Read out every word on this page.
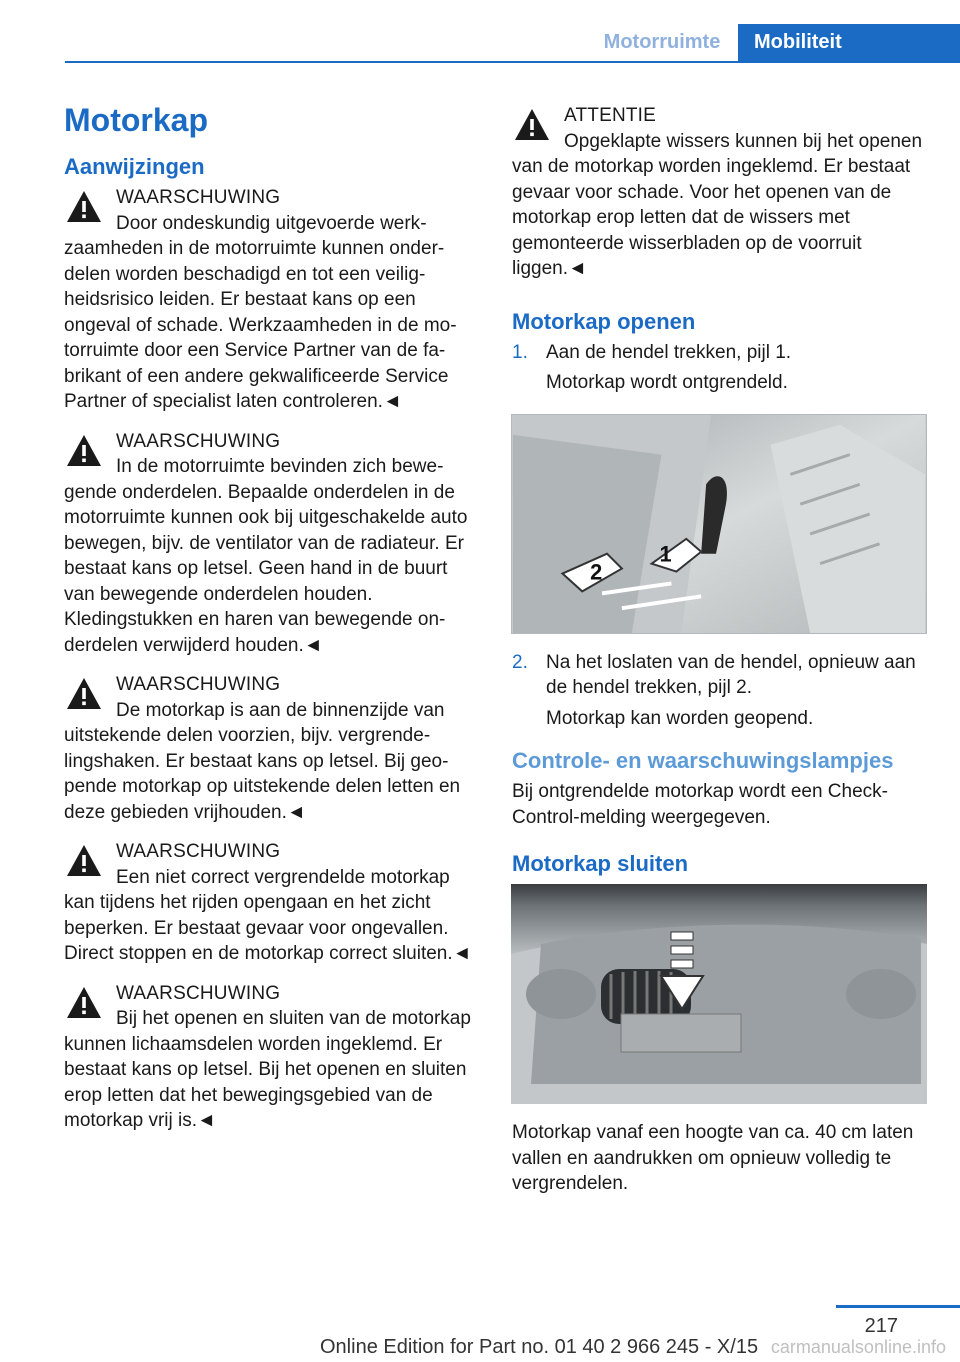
Motorruimte	Mobiliteit
Motorkap
Aanwijzingen
WAARSCHUWING

Door ondeskundig uitgevoerde werkzaamheden in de motorruimte kunnen onderdelen worden beschadigd en tot een veiligheidsrisico leiden. Er bestaat kans op een ongeval of schade. Werkzaamheden in de motorruimte door een Service Partner van de fabrikant of een andere gekwalificeerde Service Partner of specialist laten controleren.◄

WAARSCHUWING

In de motorruimte bevinden zich bewegende onderdelen. Bepaalde onderdelen in de motorruimte kunnen ook bij uitgeschakelde auto bewegen, bijv. de ventilator van de radiateur. Er bestaat kans op letsel. Geen hand in de buurt van bewegende onderdelen houden. Kledingstukken en haren van bewegende onderdelen verwijderd houden.◄

WAARSCHUWING

De motorkap is aan de binnenzijde van uitstekende delen voorzien, bijv. vergrendelingshaken. Er bestaat kans op letsel. Bij geopende motorkap op uitstekende delen letten en deze gebieden vrijhouden.◄

WAARSCHUWING

Een niet correct vergrendelde motorkap kan tijdens het rijden opengaan en het zicht beperken. Er bestaat gevaar voor ongevallen. Direct stoppen en de motorkap correct sluiten.◄

WAARSCHUWING

Bij het openen en sluiten van de motorkap kunnen lichaamsdelen worden ingeklemd. Er bestaat kans op letsel. Bij het openen en sluiten erop letten dat het bewegingsgebied van de motorkap vrij is.◄

ATTENTIE

Opgeklapte wissers kunnen bij het openen van de motorkap worden ingeklemd. Er bestaat gevaar voor schade. Voor het openen van de motorkap erop letten dat de wissers met gemonteerde wisserbladen op de voorruit liggen.◄

Motorkap openen
1. Aan de hendel trekken, pijl 1.
Motorkap wordt ontgrendeld.
1
2
2. Na het loslaten van de hendel, opnieuw aan de hendel trekken, pijl 2.
Motorkap kan worden geopend.
Controle- en waarschuwingslampjes

Bij ontgrendelde motorkap wordt een Check-Control-melding weergegeven.

Motorkap sluiten

Motorkap vanaf een hoogte van ca. 40 cm laten vallen en aandrukken om opnieuw volledig te vergrendelen.

217
Online Edition for Part no. 01 40 2 966 245 - X/15 carmanualsonline.info
